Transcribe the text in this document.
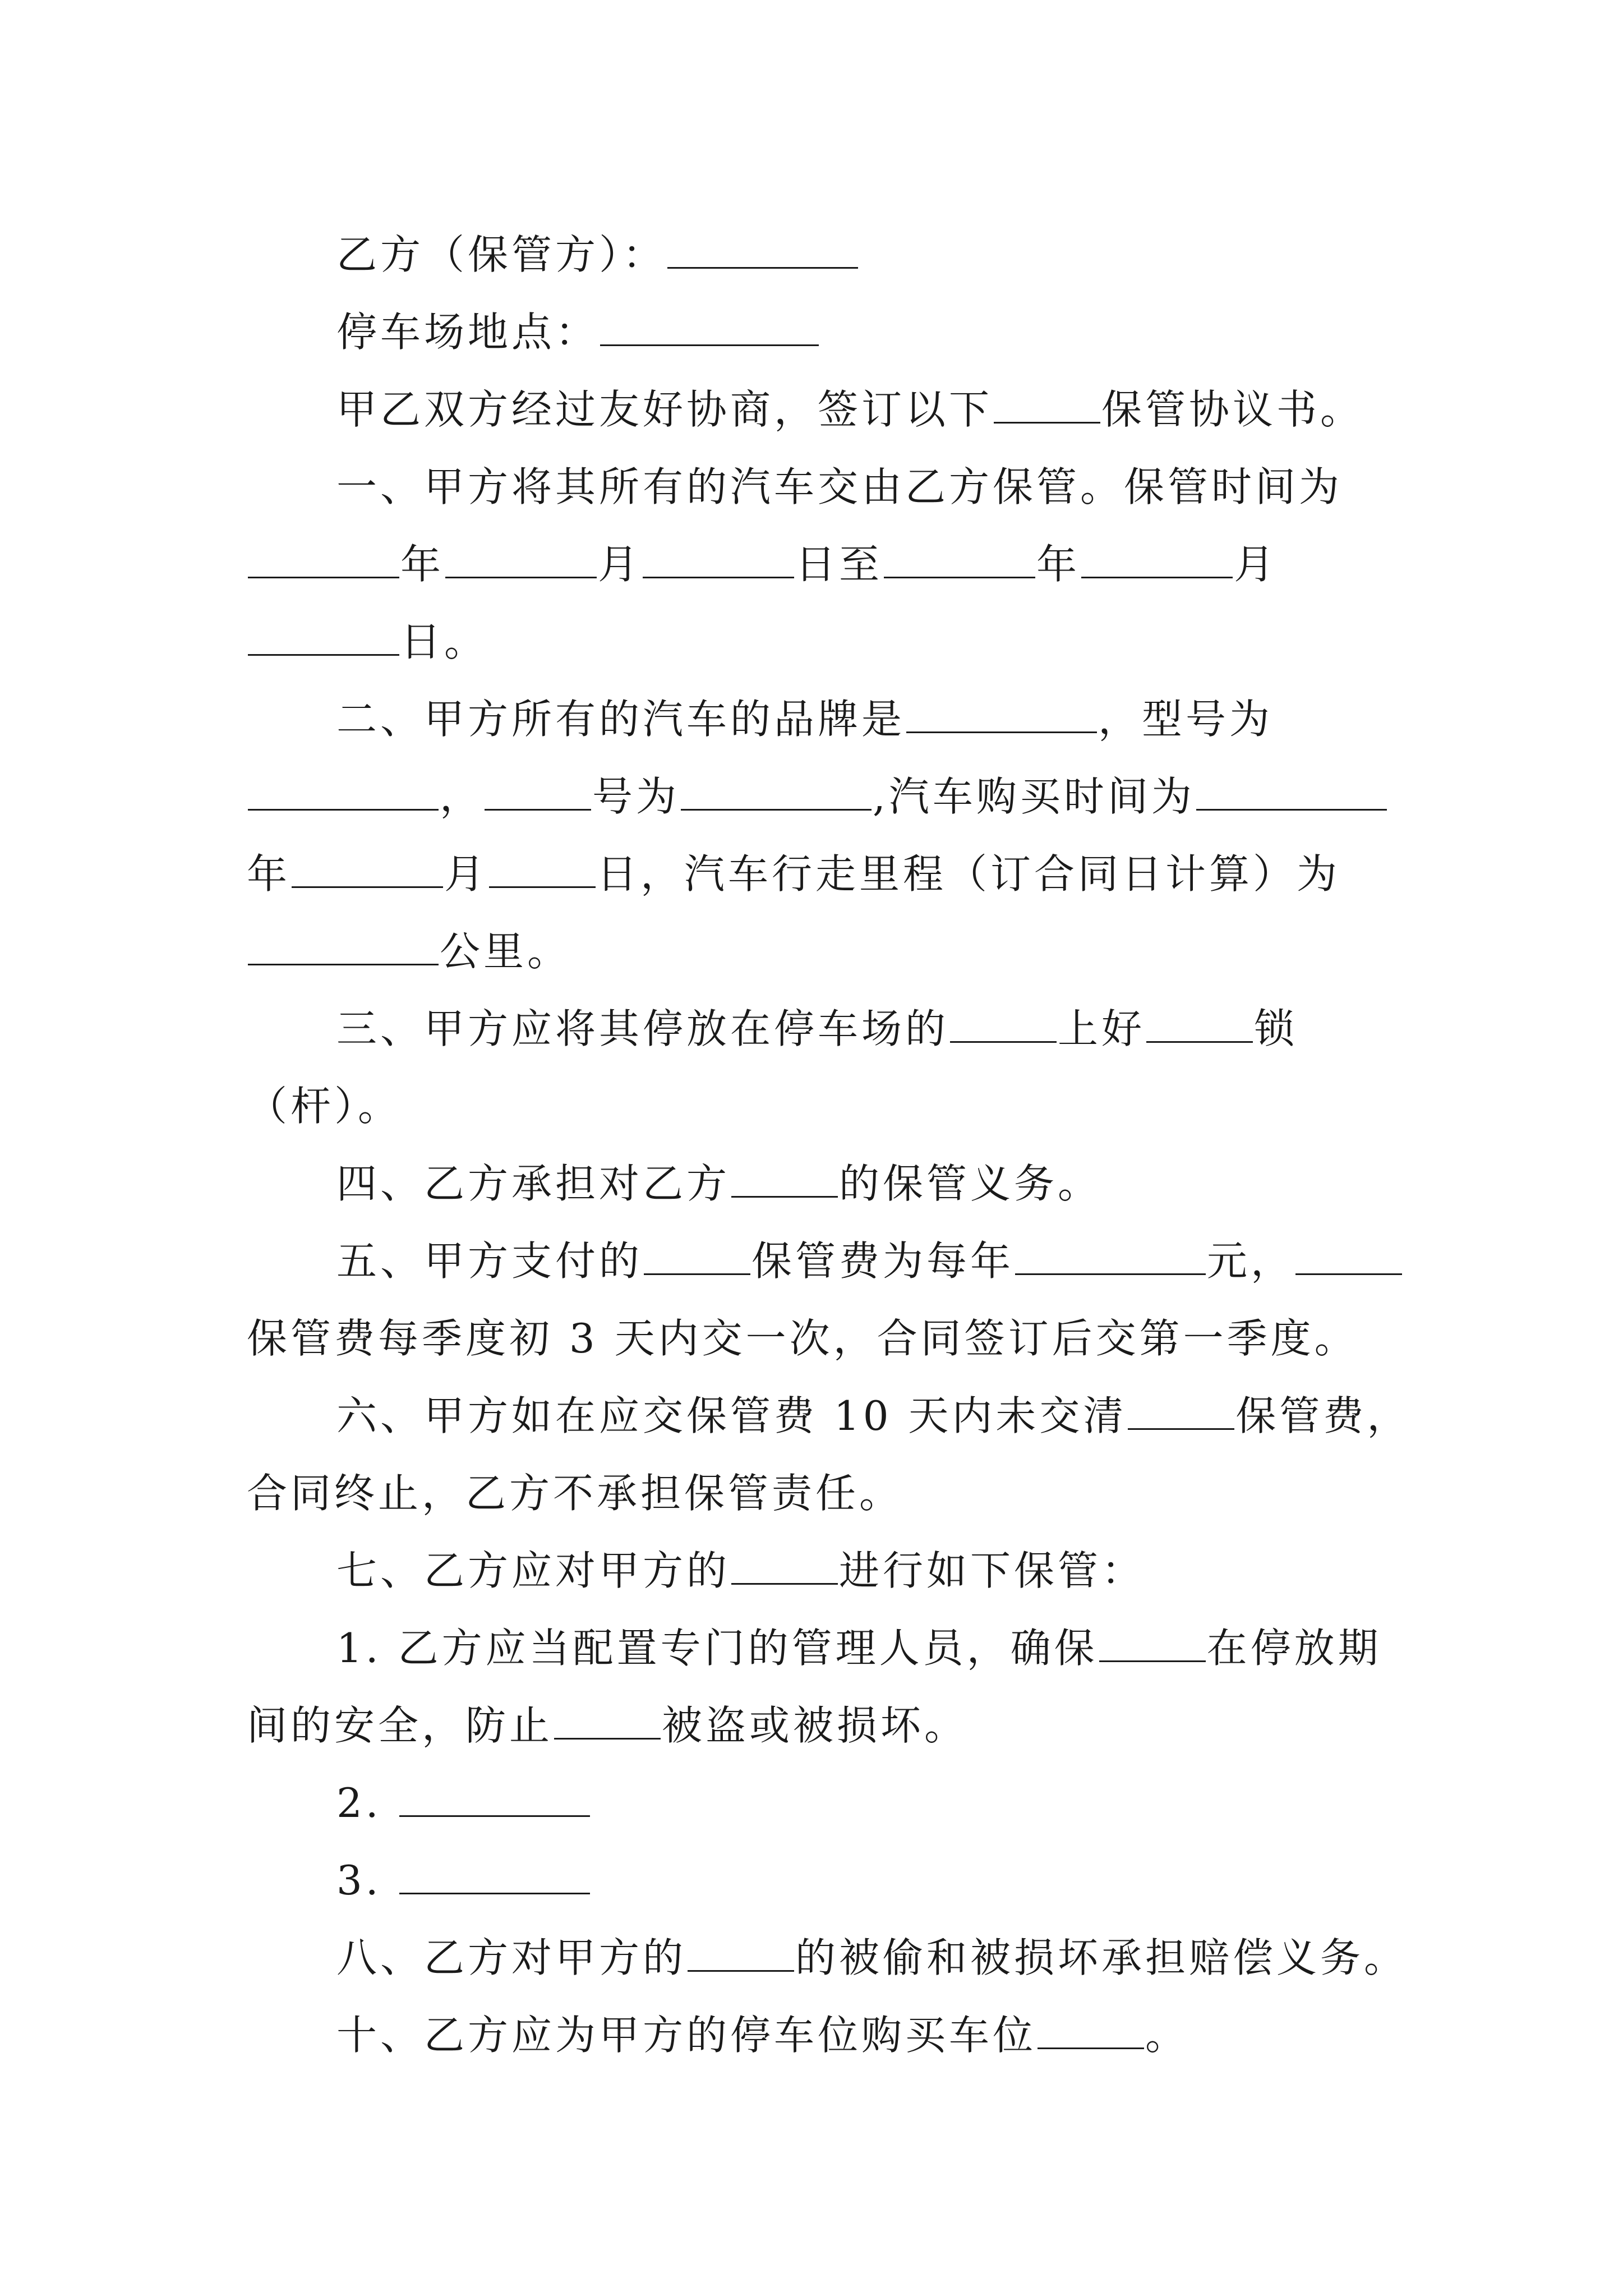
乙方（保管方）：
停车场地点：
甲乙双方经过友好协商，签订以下	保管协议书。
一、甲方将其所有的汽车交由乙方保管。保管时间为
年	月	日至	年	月
日。
二、甲方所有的汽车的品牌是	，型号为
，	号为	,汽车购买时间为
年	月	日，汽车行走里程（订合同日计算）为
公里。
三、甲方应将其停放在停车场的	上好	锁
（杆）。
四、乙方承担对乙方	的保管义务。
五、甲方支付的	保管费为每年	元，
保管费每季度初 3 天内交一次，合同签订后交第一季度。
六、甲方如在应交保管费 10 天内未交清	保管费，
合同终止，乙方不承担保管责任。
七、乙方应对甲方的	进行如下保管：
1. 乙方应当配置专门的管理人员，确保	在停放期
间的安全，防止	被盗或被损坏。
2.
3.
八、乙方对甲方的	的被偷和被损坏承担赔偿义务。
十、乙方应为甲方的停车位购买车位	。
